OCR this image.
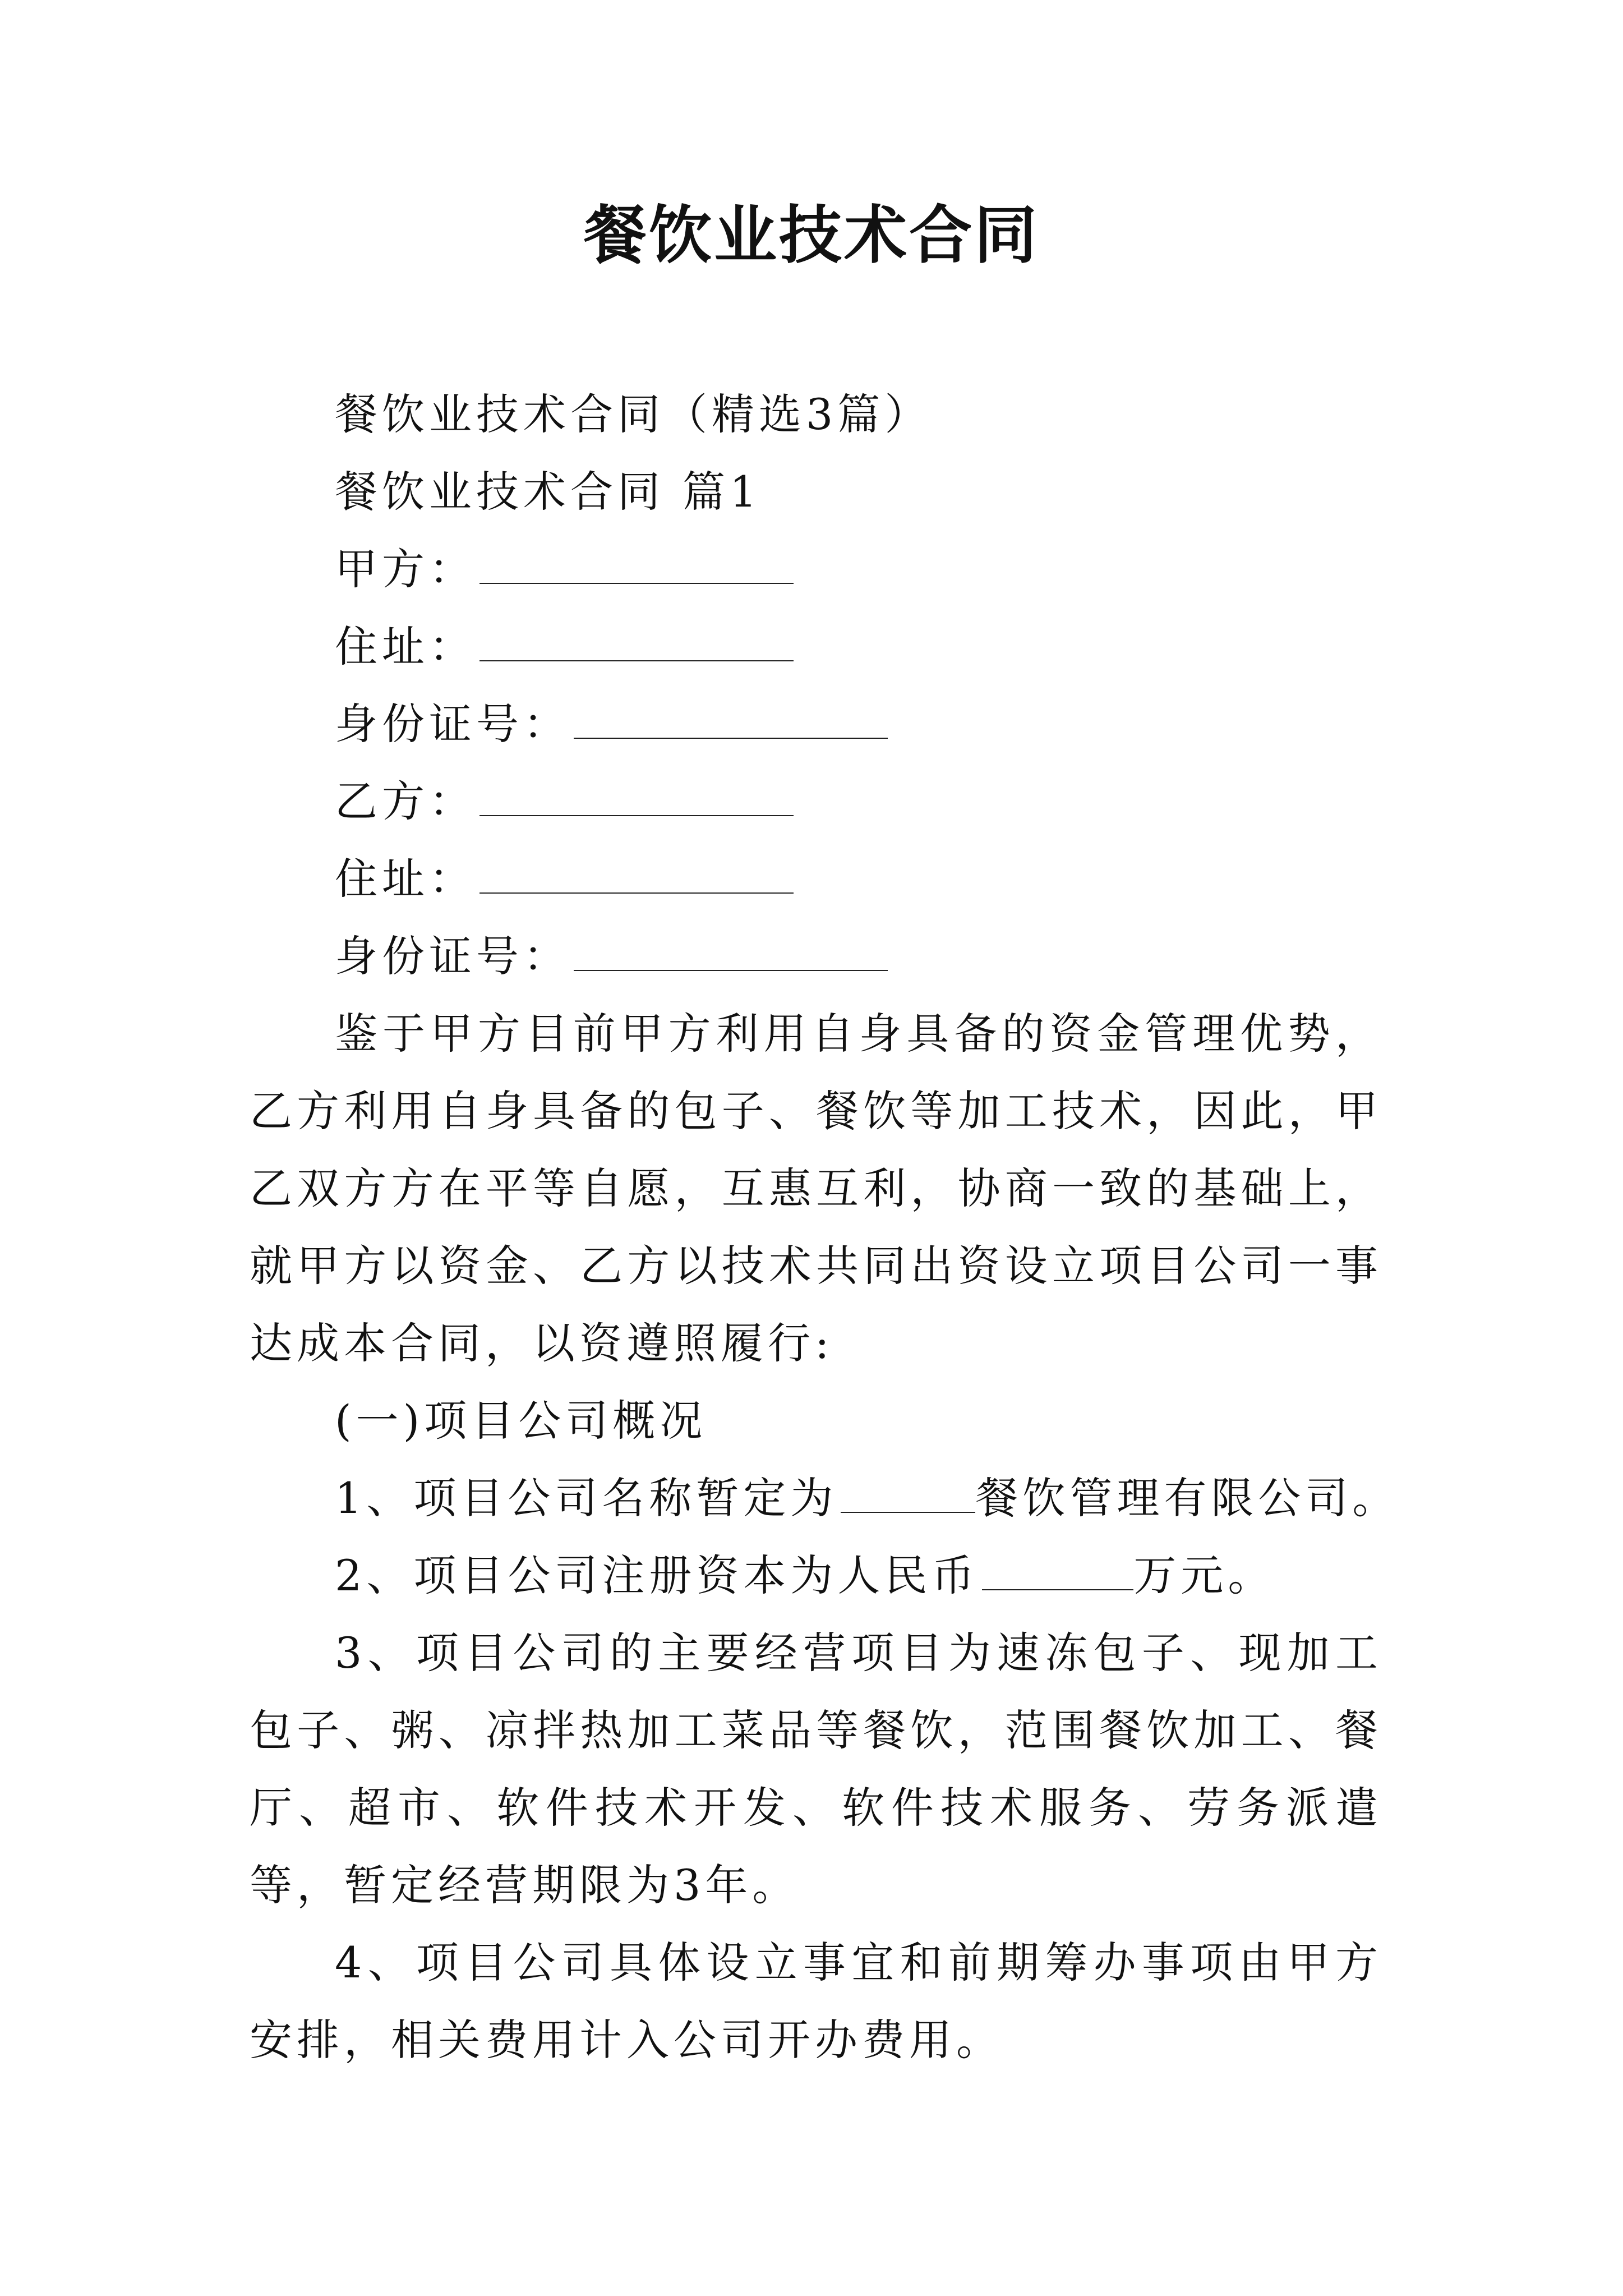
餐饮业技术合同
餐饮业技术合同（精选3篇）
餐饮业技术合同 篇1
甲方：
住址：
身份证号：
乙方：
住址：
身份证号：

鉴于甲方目前甲方利用自身具备的资金管理优势，乙方利用自身具备的包子、餐饮等加工技术，因此，甲乙双方方在平等自愿，互惠互利，协商一致的基础上，就甲方以资金、乙方以技术共同出资设立项目公司一事达成本合同，以资遵照履行:

(一)项目公司概况
1、项目公司名称暂定为	餐饮管理有限公司。
2、项目公司注册资本为人民币	万元。

3、项目公司的主要经营项目为速冻包子、现加工包子、粥、凉拌热加工菜品等餐饮，范围餐饮加工、餐厅、超市、软件技术开发、软件技术服务、劳务派遣等，暂定经营期限为3年。

4、项目公司具体设立事宜和前期筹办事项由甲方安排，相关费用计入公司开办费用。
